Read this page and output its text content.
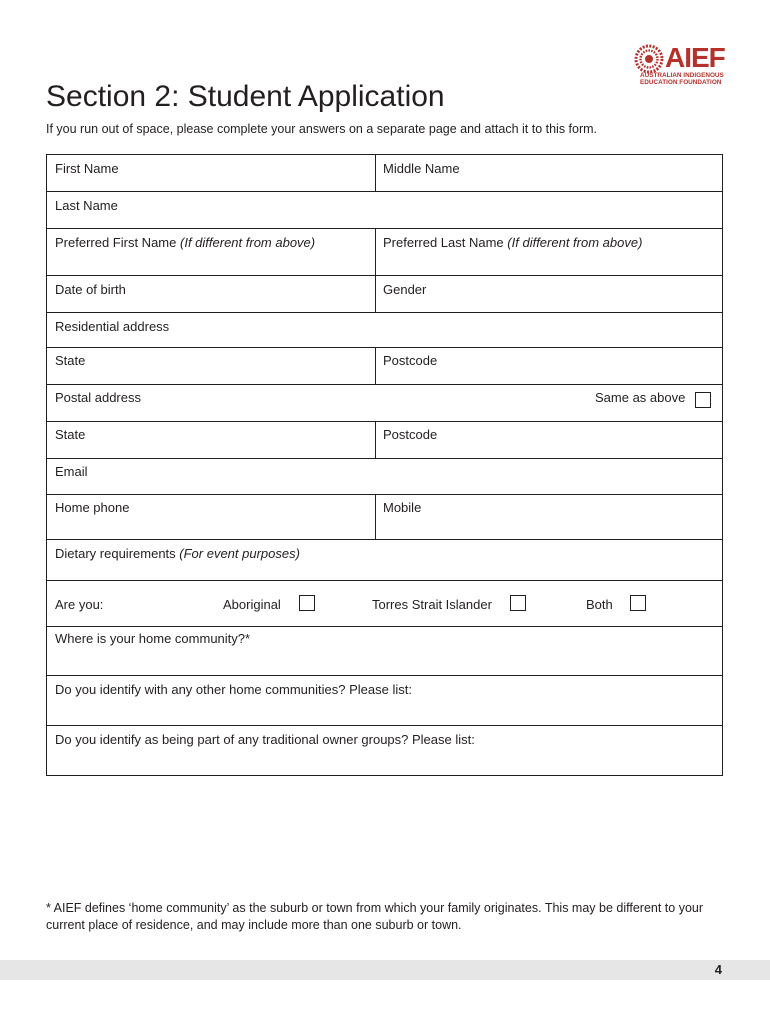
AIEF
AUSTRALIAN INDIGENOUS
EDUCATION FOUNDATION
Section 2: Student Application
If you run out of space, please complete your answers on a separate page and attach it to this form.
First Name	Middle Name
Last Name
Preferred First Name (If different from above)	Preferred Last Name (If different from above)
Date of birth	Gender
Residential address
State	Postcode
Postal address	Same as above
State	Postcode
Email
Home phone	Mobile
Dietary requirements (For event purposes)
Are you:	Aboriginal	Torres Strait Islander	Both
Where is your home community?*
Do you identify with any other home communities? Please list:
Do you identify as being part of any traditional owner groups? Please list:
* AIEF defines ‘home community’ as the suburb or town from which your family originates. This may be different to your current place of residence, and may include more than one suburb or town.
4
